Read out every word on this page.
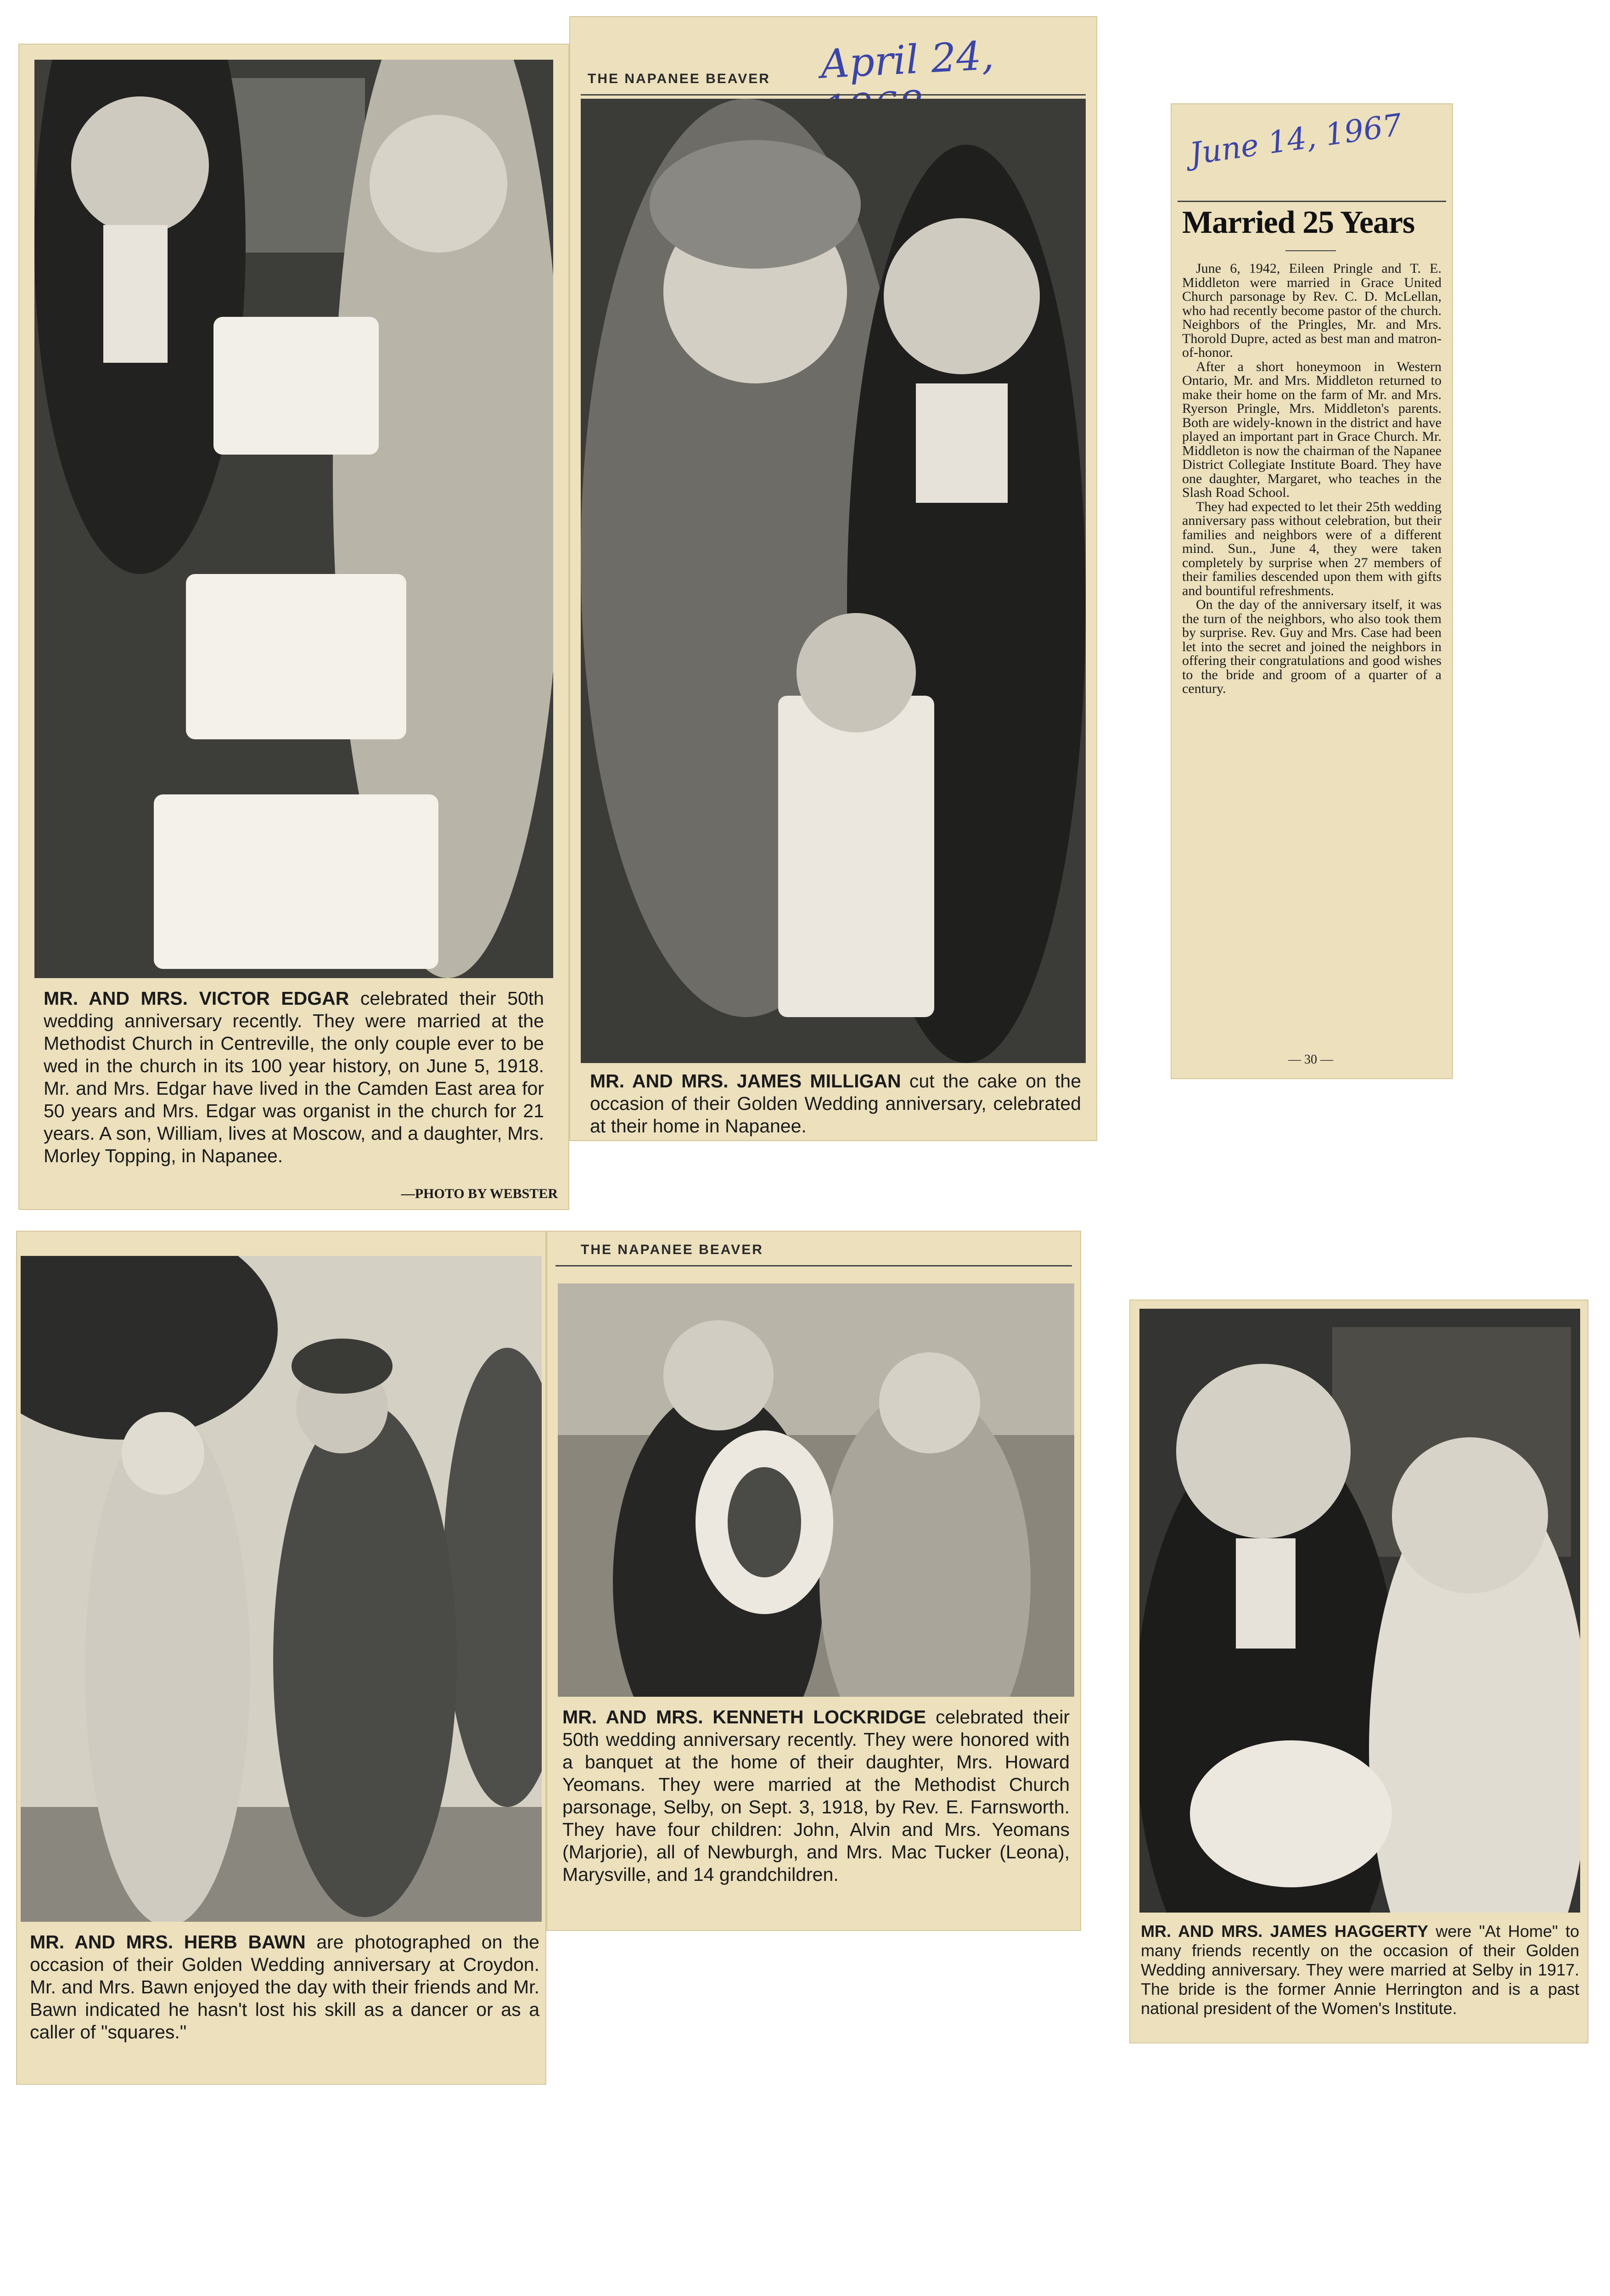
MR. AND MRS. VICTOR EDGAR celebrated their 50th wedding anniversary recently. They were married at the Methodist Church in Centreville, the only couple ever to be wed in the church in its 100 year history, on June 5, 1918. Mr. and Mrs. Edgar have lived in the Camden East area for 50 years and Mrs. Edgar was organist in the church for 21 years. A son, William, lives at Moscow, and a daughter, Mrs. Morley Topping, in Napanee.
—PHOTO BY WEBSTER
THE NAPANEE BEAVER April 24,
MR. AND MRS. JAMES MILLIGAN cut the cake on the occasion of their Golden Wedding anniversary, celebrated at their home in Napanee.
June 14, 1967
Married 25 Years

June 6, 1942, Eileen Pringle and T. E. Middleton were married in Grace United Church parsonage by Rev. C. D. McLellan, who had recently become pastor of the church. Neighbors of the Pringles, Mr. and Mrs. Thorold Dupre, acted as best man and matron-of-honor.

After a short honeymoon in Western Ontario, Mr. and Mrs. Middleton returned to make their home on the farm of Mr. and Mrs. Ryerson Pringle, Mrs. Middleton's parents. Both are widely-known in the district and have played an important part in Grace Church. Mr. Middleton is now the chairman of the Napanee District Collegiate Institute Board. They have one daughter, Margaret, who teaches in the Slash Road School.

They had expected to let their 25th wedding anniversary pass without celebration, but their families and neighbors were of a different mind. Sun., June 4, they were taken completely by surprise when 27 members of their families descended upon them with gifts and bountiful refreshments.

On the day of the anniversary itself, it was the turn of the neighbors, who also took them by surprise. Rev. Guy and Mrs. Case had been let into the secret and joined the neighbors in offering their congratulations and good wishes to the bride and groom of a quarter of a century.

— 30 —
MR. AND MRS. HERB BAWN are photographed on the occasion of their Golden Wedding anniversary at Croydon. Mr. and Mrs. Bawn enjoyed the day with their friends and Mr. Bawn indicated he hasn't lost his skill as a dancer or as a caller of "squares."
THE NAPANEE BEAVER
MR. AND MRS. KENNETH LOCKRIDGE celebrated their 50th wedding anniversary recently. They were honored with a banquet at the home of their daughter, Mrs. Howard Yeomans. They were married at the Methodist Church parsonage, Selby, on Sept. 3, 1918, by Rev. E. Farnsworth. They have four children: John, Alvin and Mrs. Yeomans (Marjorie), all of Newburgh, and Mrs. Mac Tucker (Leona), Marysville, and 14 grandchildren.
MR. AND MRS. JAMES HAGGERTY were "At Home" to many friends recently on the occasion of their Golden Wedding anniversary. They were married at Selby in 1917. The bride is the former Annie Herrington and is a past national president of the Women's Institute.
